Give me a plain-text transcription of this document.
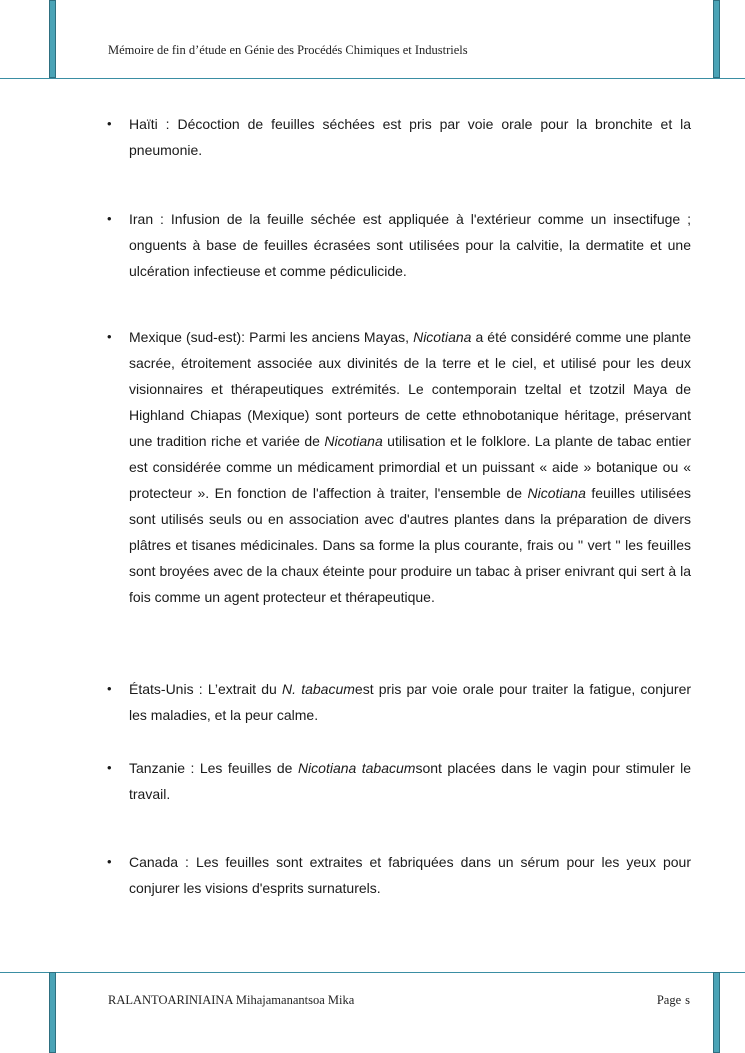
Mémoire de fin d’étude en Génie des Procédés Chimiques et Industriels
RALANTOARINIAINA Mihajamanantsoa Mika	Page s
• Haïti : Décoction de feuilles séchées est pris par voie orale pour la bronchite et la pneumonie.
• Iran : Infusion de la feuille séchée est appliquée à l'extérieur comme un insectifuge ; onguents à base de feuilles écrasées sont utilisées pour la calvitie, la dermatite et une ulcération infectieuse et comme pédiculicide.
• Mexique (sud-est): Parmi les anciens Mayas, Nicotiana a été considéré comme une plante sacrée, étroitement associée aux divinités de la terre et le ciel, et utilisé pour les deux visionnaires et thérapeutiques extrémités. Le contemporain tzeltal et tzotzil Maya de Highland Chiapas (Mexique) sont porteurs de cette ethnobotanique héritage, préservant une tradition riche et variée de Nicotiana utilisation et le folklore. La plante de tabac entier est considérée comme un médicament primordial et un puissant « aide » botanique ou « protecteur ». En fonction de l'affection à traiter, l'ensemble de Nicotiana feuilles utilisées sont utilisés seuls ou en association avec d'autres plantes dans la préparation de divers plâtres et tisanes médicinales. Dans sa forme la plus courante, frais ou '' vert '' les feuilles sont broyées avec de la chaux éteinte pour produire un tabac à priser enivrant qui sert à la fois comme un agent protecteur et thérapeutique.
• États-Unis : L’extrait du N. tabacumest pris par voie orale pour traiter la fatigue, conjurer les maladies, et la peur calme.
• Tanzanie : Les feuilles de Nicotiana tabacumsont placées dans le vagin pour stimuler le travail.
• Canada : Les feuilles sont extraites et fabriquées dans un sérum pour les yeux pour conjurer les visions d'esprits surnaturels.
